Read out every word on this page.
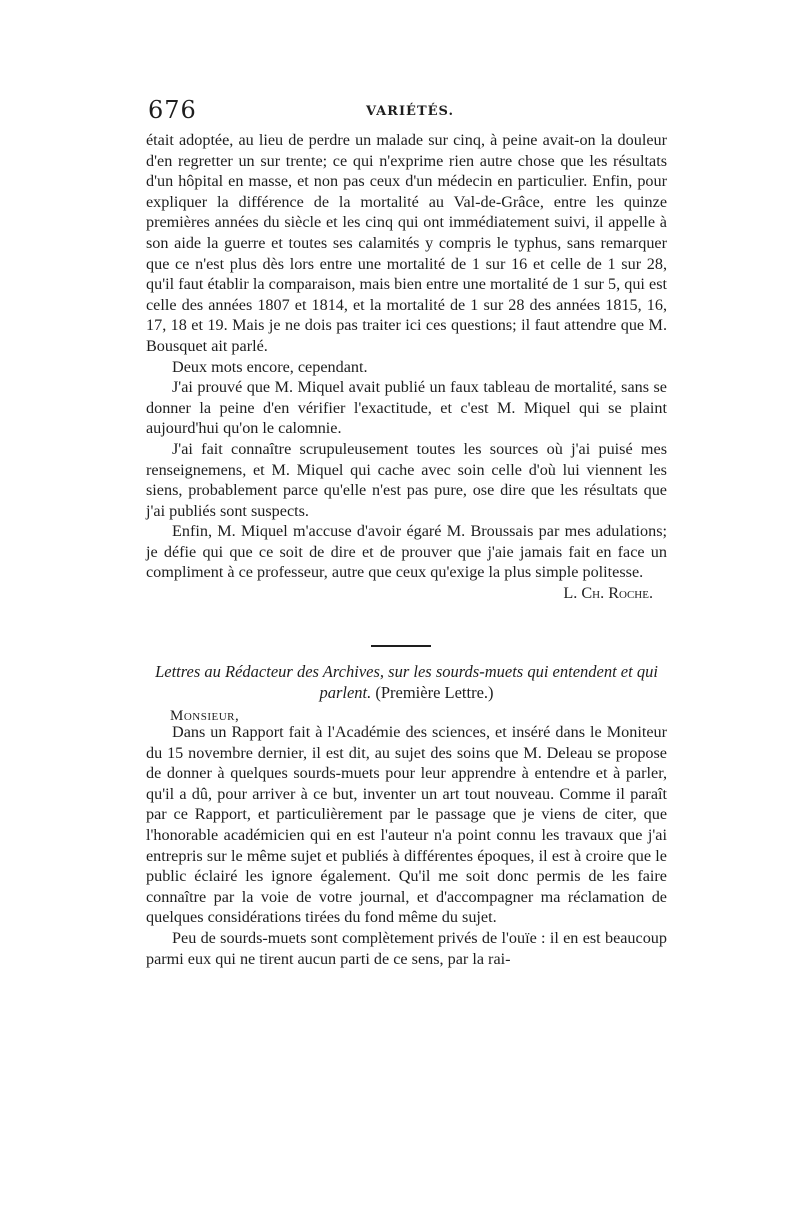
676	VARIÉTÉS.

était adoptée, au lieu de perdre un malade sur cinq, à peine avait-on la douleur d'en regretter un sur trente; ce qui n'exprime rien autre chose que les résultats d'un hôpital en masse, et non pas ceux d'un médecin en particulier. Enfin, pour expliquer la différence de la mortalité au Val-de-Grâce, entre les quinze premières années du siècle et les cinq qui ont immédiatement suivi, il appelle à son aide la guerre et toutes ses calamités y compris le typhus, sans remarquer que ce n'est plus dès lors entre une mortalité de 1 sur 16 et celle de 1 sur 28, qu'il faut établir la comparaison, mais bien entre une mortalité de 1 sur 5, qui est celle des années 1807 et 1814, et la mortalité de 1 sur 28 des années 1815, 16, 17, 18 et 19. Mais je ne dois pas traiter ici ces questions; il faut attendre que M. Bousquet ait parlé.

Deux mots encore, cependant.

J'ai prouvé que M. Miquel avait publié un faux tableau de mortalité, sans se donner la peine d'en vérifier l'exactitude, et c'est M. Miquel qui se plaint aujourd'hui qu'on le calomnie.

J'ai fait connaître scrupuleusement toutes les sources où j'ai puisé mes renseignemens, et M. Miquel qui cache avec soin celle d'où lui viennent les siens, probablement parce qu'elle n'est pas pure, ose dire que les résultats que j'ai publiés sont suspects.

Enfin, M. Miquel m'accuse d'avoir égaré M. Broussais par mes adulations; je défie qui que ce soit de dire et de prouver que j'aie jamais fait en face un compliment à ce professeur, autre que ceux qu'exige la plus simple politesse.
L. Ch. Roche.

Lettres au Rédacteur des Archives, sur les sourds-muets qui entendent et qui parlent. (Première Lettre.)
Monsieur,

Dans un Rapport fait à l'Académie des sciences, et inséré dans le Moniteur du 15 novembre dernier, il est dit, au sujet des soins que M. Deleau se propose de donner à quelques sourds-muets pour leur apprendre à entendre et à parler, qu'il a dû, pour arriver à ce but, inventer un art tout nouveau. Comme il paraît par ce Rapport, et particulièrement par le passage que je viens de citer, que l'honorable académicien qui en est l'auteur n'a point connu les travaux que j'ai entrepris sur le même sujet et publiés à différentes époques, il est à croire que le public éclairé les ignore également. Qu'il me soit donc permis de les faire connaître par la voie de votre journal, et d'accompagner ma réclamation de quelques considérations tirées du fond même du sujet.

Peu de sourds-muets sont complètement privés de l'ouïe : il en est beaucoup parmi eux qui ne tirent aucun parti de ce sens, par la rai-
